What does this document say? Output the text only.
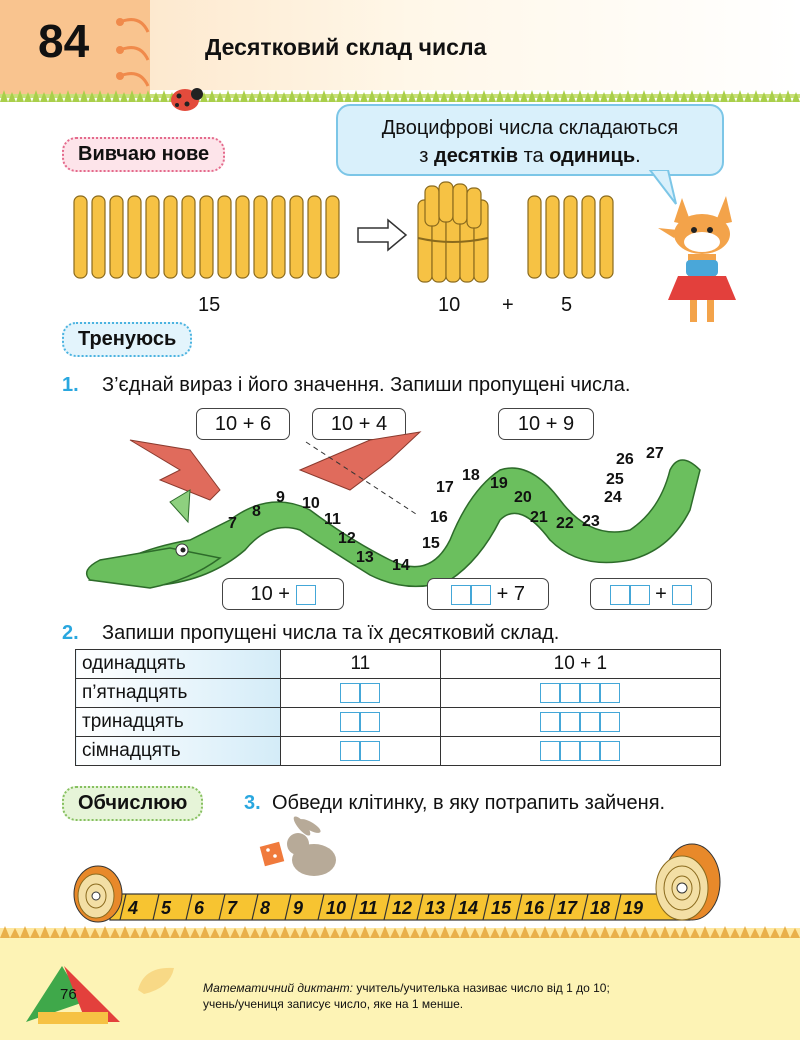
84	Десятковий склад числа
Вивчаю нове
Двоцифрові числа складаються
з десятків та одиниць.
15	10 + 5
Тренуюсь
1. З’єднай вираз і його значення. Запиши пропущені числа.
10 + 6	10 + 4	10 + 9
7
8
9 10
11
12
13 14
15
16
17
18 19
20
21 22 23
24
25
26 27
10 +	+ 7	+
2. Запиши пропущені числа та їх десятковий склад.
одинадцять	11	10 + 1
п’ятнадцять		
тринадцять		
сімнадцять		
Обчислюю	3. Обведи клітинку, в яку потрапить зайченя.
4 5 6 7 8 9 10 11 12 13 14 15 16 17 18 19
76	Математичний диктант: учитель/учителька називає число від 1 до 10;
учень/учениця записує число, яке на 1 менше.
